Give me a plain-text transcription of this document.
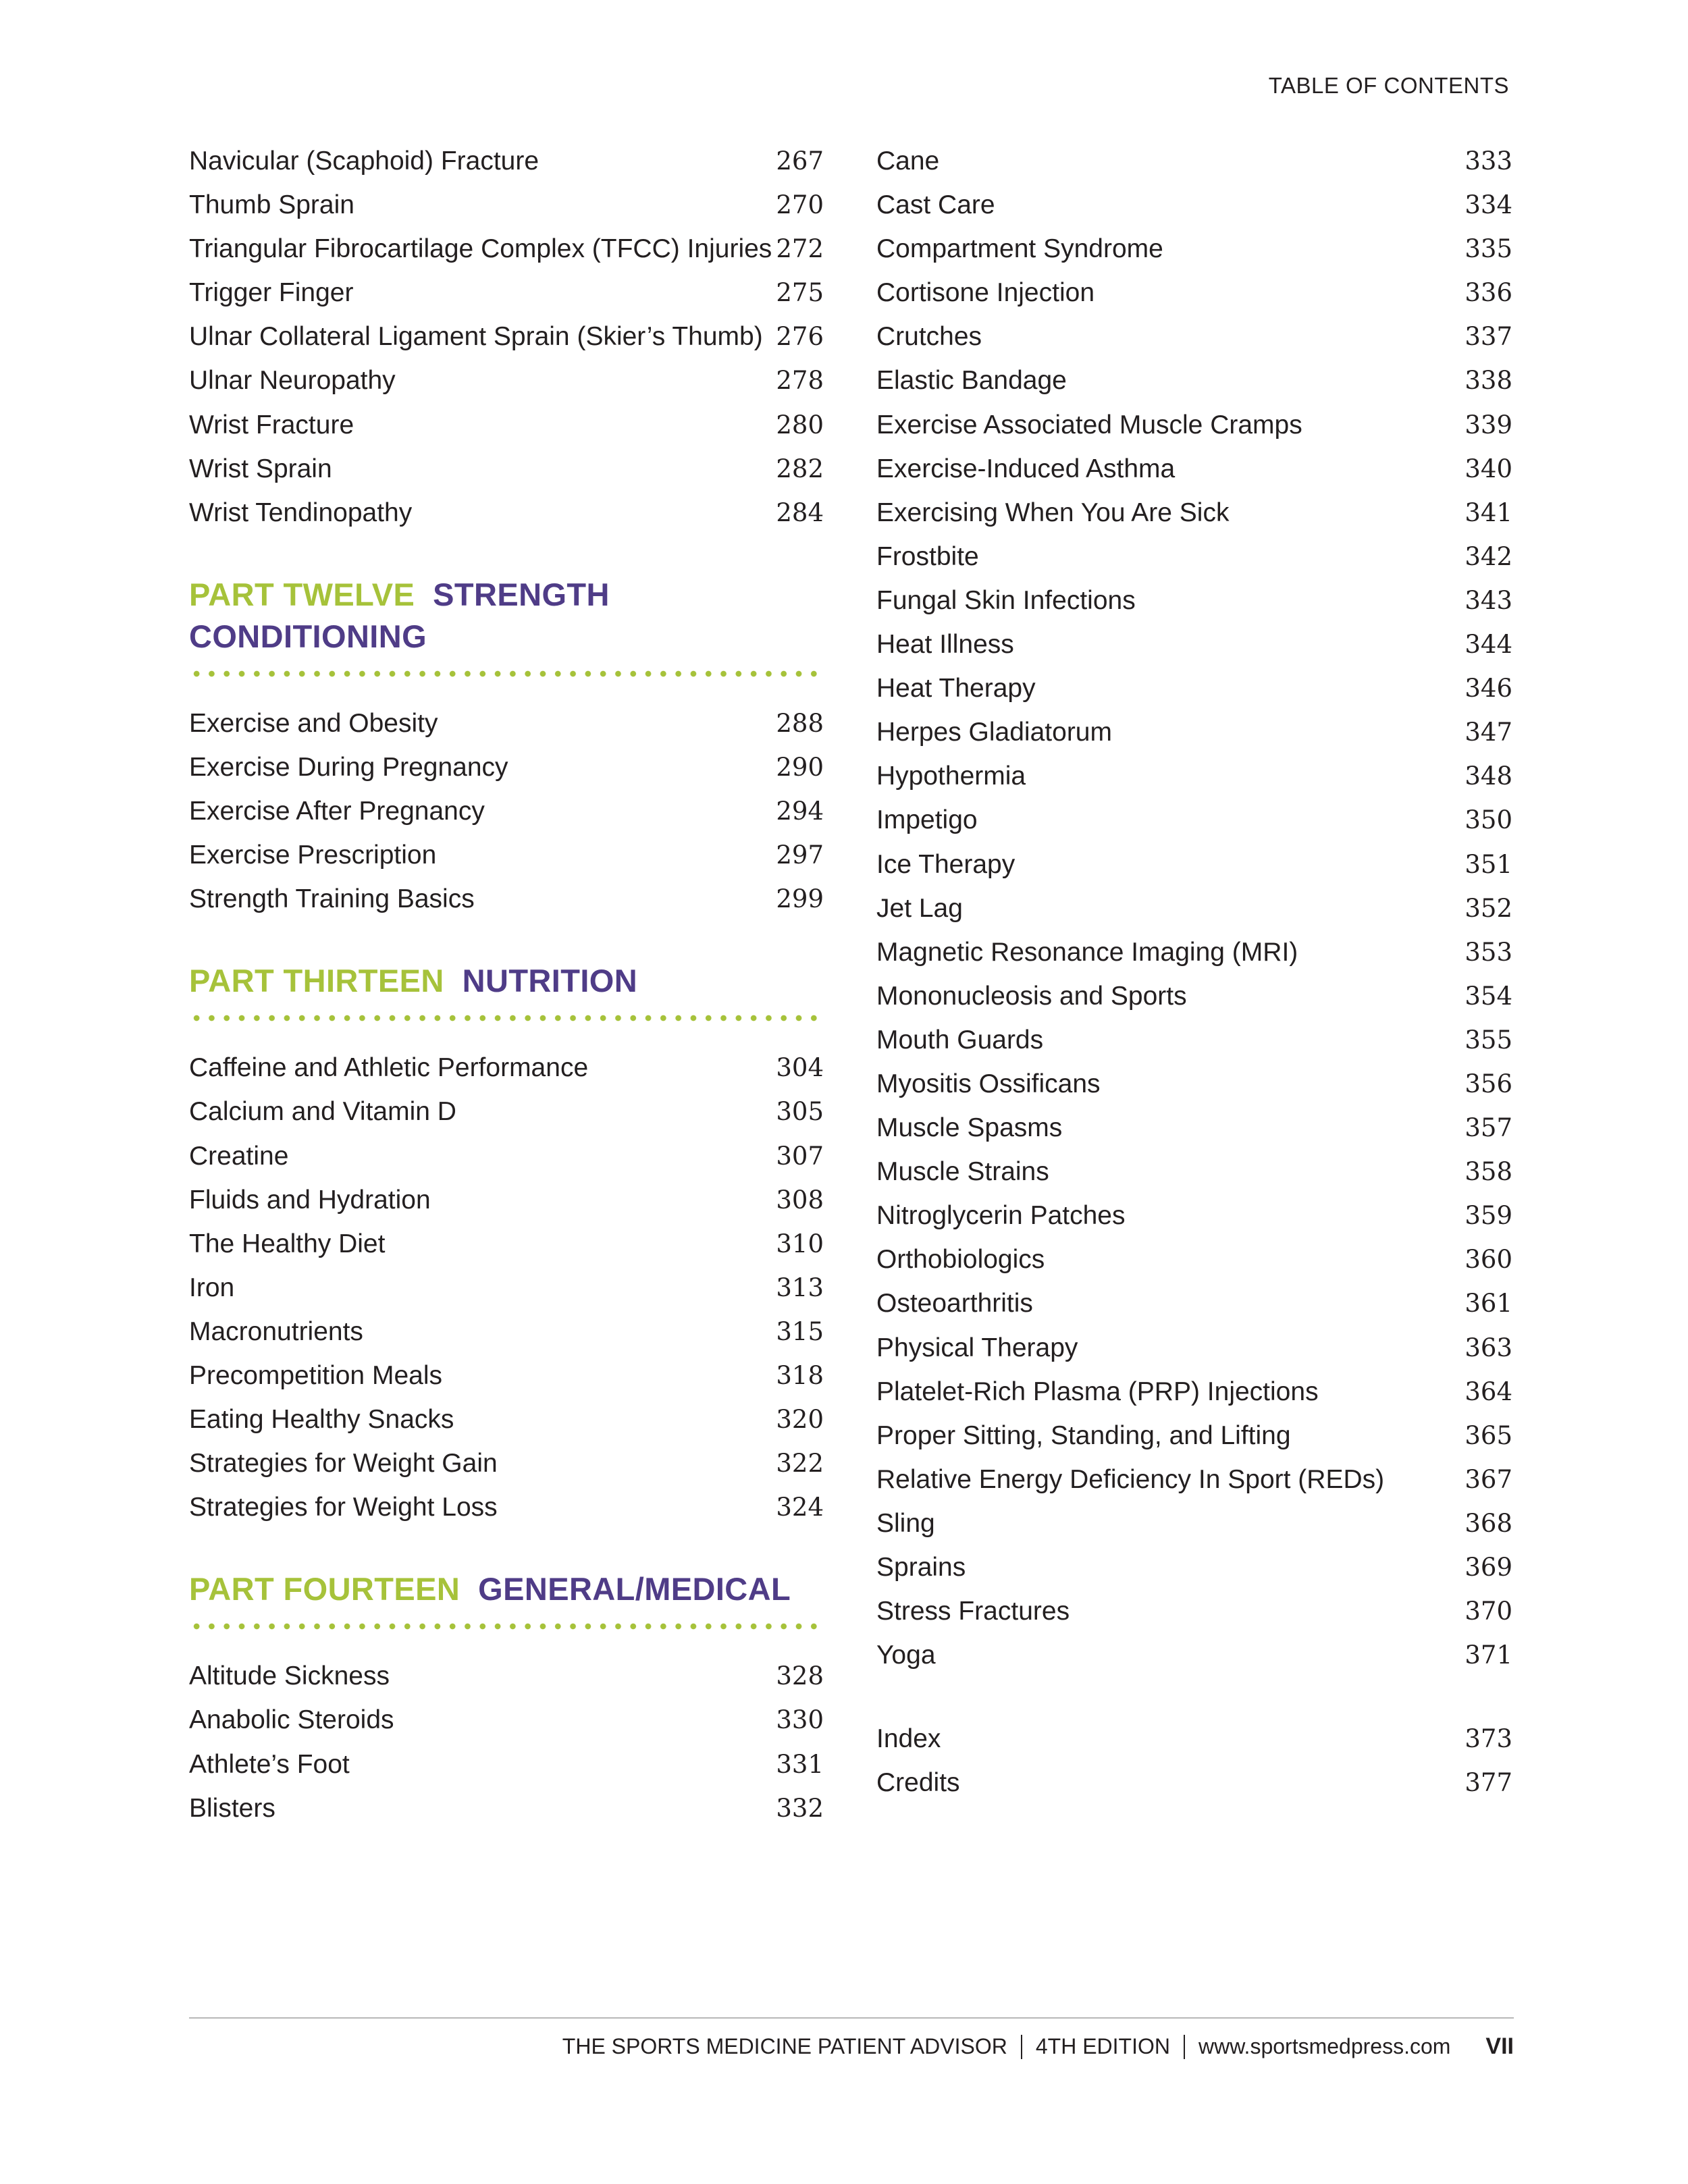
TABLE OF CONTENTS
Navicular (Scaphoid) Fracture	267
Thumb Sprain	270
Triangular Fibrocartilage Complex (TFCC) Injuries 272
Trigger Finger	275
Ulnar Collateral Ligament Sprain (Skier’s Thumb) 276
Ulnar Neuropathy	278
Wrist Fracture	280
Wrist Sprain	282
Wrist Tendinopathy	284
PART TWELVE STRENGTH
CONDITIONING
Exercise and Obesity	288
Exercise During Pregnancy	290
Exercise After Pregnancy	294
Exercise Prescription	297
Strength Training Basics	299
PART THIRTEEN NUTRITION
Caffeine and Athletic Performance	304
Calcium and Vitamin D	305
Creatine	307
Fluids and Hydration	308
The Healthy Diet	310
Iron	313
Macronutrients	315
Precompetition Meals	318
Eating Healthy Snacks	320
Strategies for Weight Gain	322
Strategies for Weight Loss	324
PART FOURTEEN GENERAL/MEDICAL
Altitude Sickness	328
Anabolic Steroids	330
Athlete’s Foot	331
Blisters	332
Cane	333
Cast Care	334
Compartment Syndrome	335
Cortisone Injection	336
Crutches	337
Elastic Bandage	338
Exercise Associated Muscle Cramps	339
Exercise-Induced Asthma	340
Exercising When You Are Sick	341
Frostbite	342
Fungal Skin Infections	343
Heat Illness	344
Heat Therapy	346
Herpes Gladiatorum	347
Hypothermia	348
Impetigo	350
Ice Therapy	351
Jet Lag	352
Magnetic Resonance Imaging (MRI)	353
Mononucleosis and Sports	354
Mouth Guards	355
Myositis Ossificans	356
Muscle Spasms	357
Muscle Strains	358
Nitroglycerin Patches	359
Orthobiologics	360
Osteoarthritis	361
Physical Therapy	363
Platelet-Rich Plasma (PRP) Injections	364
Proper Sitting, Standing, and Lifting	365
Relative Energy Deficiency In Sport (REDs)	367
Sling	368
Sprains	369
Stress Fractures	370
Yoga	371
Index	373
Credits	377
THE SPORTS MEDICINE PATIENT ADVISOR 4TH EDITION www.sportsmedpress.com VII
